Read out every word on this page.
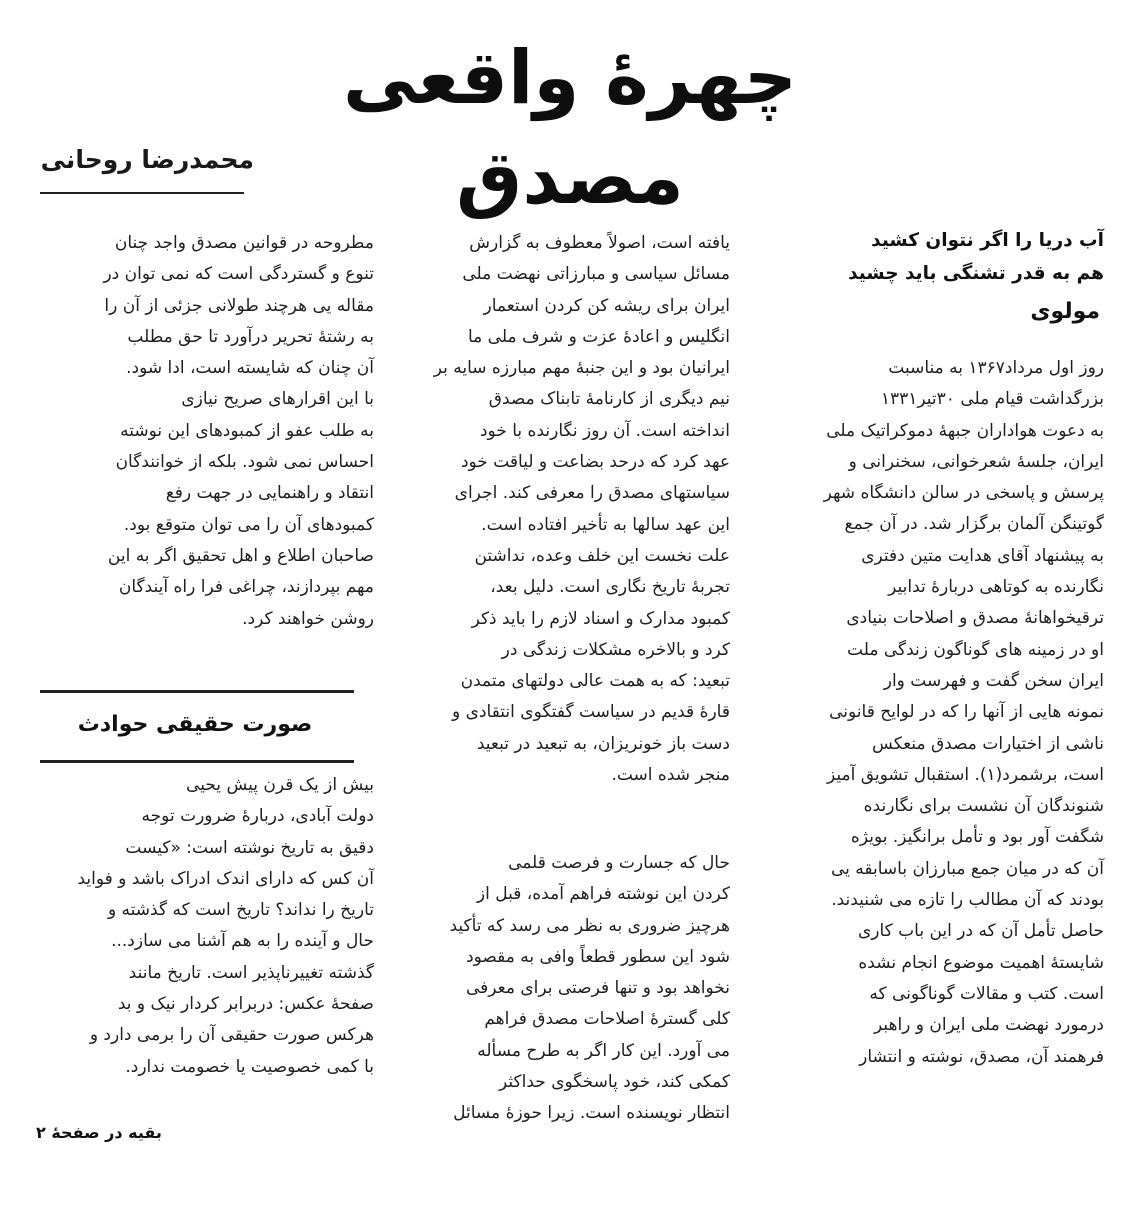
چهرهٔ واقعی مصدق
محمدرضا روحانی
آب دریا را اگر نتوان کشید
هم به قدر تشنگی باید چشید
مولوی
روز اول مرداد۱۳۶۷ به مناسبت
بزرگداشت قیام ملی ۳۰تیر۱۳۳۱
به دعوت هواداران جبههٔ دموکراتیک ملی
ایران، جلسهٔ شعرخوانی، سخنرانی و
پرسش و پاسخی در سالن دانشگاه شهر
گوتینگن آلمان برگزار شد. در آن جمع
به پیشنهاد آقای هدایت متین دفتری
نگارنده به کوتاهی دربارهٔ تدابیر
ترقیخواهانهٔ مصدق و اصلاحات بنیادی
او در زمینه های گوناگون زندگی ملت
ایران سخن گفت و فهرست وار
نمونه هایی از آنها را که در لوایح قانونی
ناشی از اختیارات مصدق منعکس
است، برشمرد(۱). استقبال تشویق آمیز
شنوندگان آن نشست برای نگارنده
شگفت آور بود و تأمل برانگیز. بویژه
آن که در میان جمع مبارزان باسابقه یی
بودند که آن مطالب را تازه می شنیدند.
حاصل تأمل آن که در این باب کاری
شایستهٔ اهمیت موضوع انجام نشده
است. کتب و مقالات گوناگونی که
درمورد نهضت ملی ایران و راهبر
فرهمند آن، مصدق، نوشته و انتشار
یافته است، اصولاً معطوف به گزارش
مسائل سیاسی و مبارزاتی نهضت ملی
ایران برای ریشه کن کردن استعمار
انگلیس و اعادهٔ عزت و شرف ملی ما
ایرانیان بود و این جنبهٔ مهم مبارزه سایه بر
نیم دیگری از کارنامهٔ تابناک مصدق
انداخته است. آن روز نگارنده با خود
عهد کرد که درحد بضاعت و لیاقت خود
سیاستهای مصدق را معرفی کند. اجرای
این عهد سالها به تأخیر افتاده است.
علت نخست این خلف وعده، نداشتن
تجربهٔ تاریخ نگاری است. دلیل بعد،
کمبود مدارک و اسناد لازم را باید ذکر
کرد و بالاخره مشکلات زندگی در
تبعید: که به همت عالی دولتهای متمدن
قارهٔ قدیم در سیاست گفتگوی انتقادی و
دست باز خونریزان، به تبعید در تبعید
منجر شده است.
حال که جسارت و فرصت قلمی
کردن این نوشته فراهم آمده، قبل از
هرچیز ضروری به نظر می رسد که تأکید
شود این سطور قطعاً وافی به مقصود
نخواهد بود و تنها فرصتی برای معرفی
کلی گسترهٔ اصلاحات مصدق فراهم
می آورد. این کار اگر به طرح مسأله
کمکی کند، خود پاسخگوی حداکثر
انتظار نویسنده است. زیرا حوزهٔ مسائل
مطروحه در قوانین مصدق واجد چنان
تنوع و گستردگی است که نمی توان در
مقاله یی هرچند طولانی جزئی از آن را
به رشتهٔ تحریر درآورد تا حق مطلب
آن چنان که شایسته است، ادا شود.
با این اقرارهای صریح نیازی
به طلب عفو از کمبودهای این نوشته
احساس نمی شود. بلکه از خوانندگان
انتقاد و راهنمایی در جهت رفع
کمبودهای آن را می توان متوقع بود.
صاحبان اطلاع و اهل تحقیق اگر به این
مهم بپردازند، چراغی فرا راه آیندگان
روشن خواهند کرد.
صورت حقیقی حوادث
بیش از یک قرن پیش یحیی
دولت آبادی، دربارهٔ ضرورت توجه
دقیق به تاریخ نوشته است: «کیست
آن کس که دارای اندک ادراک باشد و فواید
تاریخ را نداند؟ تاریخ است که گذشته و
حال و آینده را به هم آشنا می سازد...
گذشته تغییرناپذیر است. تاریخ مانند
صفحهٔ عکس: دربرابر کردار نیک و بد
هرکس صورت حقیقی آن را برمی دارد و
با کمی خصوصیت یا خصومت ندارد.
بقیه در صفحهٔ ۲
